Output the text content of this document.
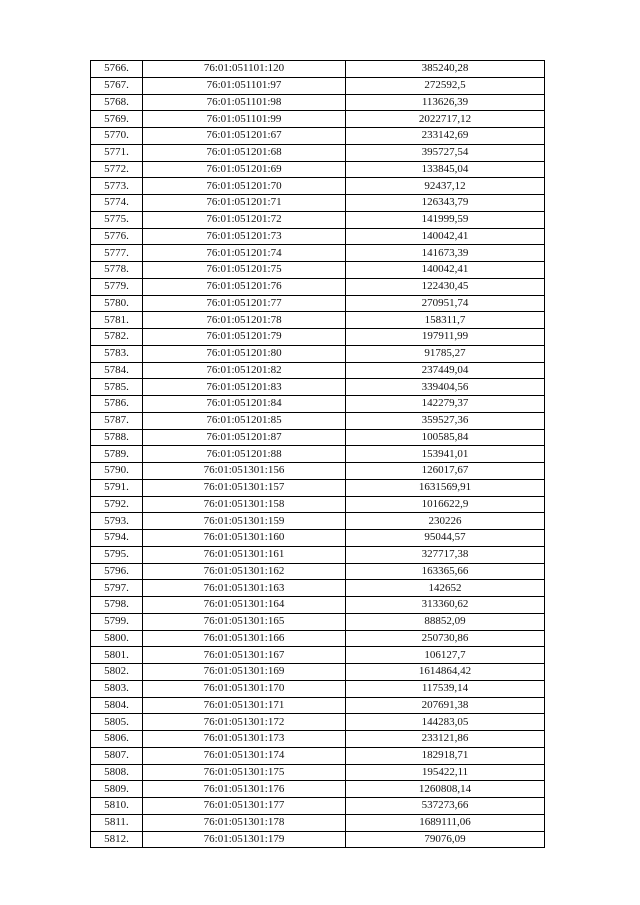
5766.	76:01:051101:120	385240,28
5767.	76:01:051101:97	272592,5
5768.	76:01:051101:98	113626,39
5769.	76:01:051101:99	2022717,12
5770.	76:01:051201:67	233142,69
5771.	76:01:051201:68	395727,54
5772.	76:01:051201:69	133845,04
5773.	76:01:051201:70	92437,12
5774.	76:01:051201:71	126343,79
5775.	76:01:051201:72	141999,59
5776.	76:01:051201:73	140042,41
5777.	76:01:051201:74	141673,39
5778.	76:01:051201:75	140042,41
5779.	76:01:051201:76	122430,45
5780.	76:01:051201:77	270951,74
5781.	76:01:051201:78	158311,7
5782.	76:01:051201:79	197911,99
5783.	76:01:051201:80	91785,27
5784.	76:01:051201:82	237449,04
5785.	76:01:051201:83	339404,56
5786.	76:01:051201:84	142279,37
5787.	76:01:051201:85	359527,36
5788.	76:01:051201:87	100585,84
5789.	76:01:051201:88	153941,01
5790.	76:01:051301:156	126017,67
5791.	76:01:051301:157	1631569,91
5792.	76:01:051301:158	1016622,9
5793.	76:01:051301:159	230226
5794.	76:01:051301:160	95044,57
5795.	76:01:051301:161	327717,38
5796.	76:01:051301:162	163365,66
5797.	76:01:051301:163	142652
5798.	76:01:051301:164	313360,62
5799.	76:01:051301:165	88852,09
5800.	76:01:051301:166	250730,86
5801.	76:01:051301:167	106127,7
5802.	76:01:051301:169	1614864,42
5803.	76:01:051301:170	117539,14
5804.	76:01:051301:171	207691,38
5805.	76:01:051301:172	144283,05
5806.	76:01:051301:173	233121,86
5807.	76:01:051301:174	182918,71
5808.	76:01:051301:175	195422,11
5809.	76:01:051301:176	1260808,14
5810.	76:01:051301:177	537273,66
5811.	76:01:051301:178	1689111,06
5812.	76:01:051301:179	79076,09
